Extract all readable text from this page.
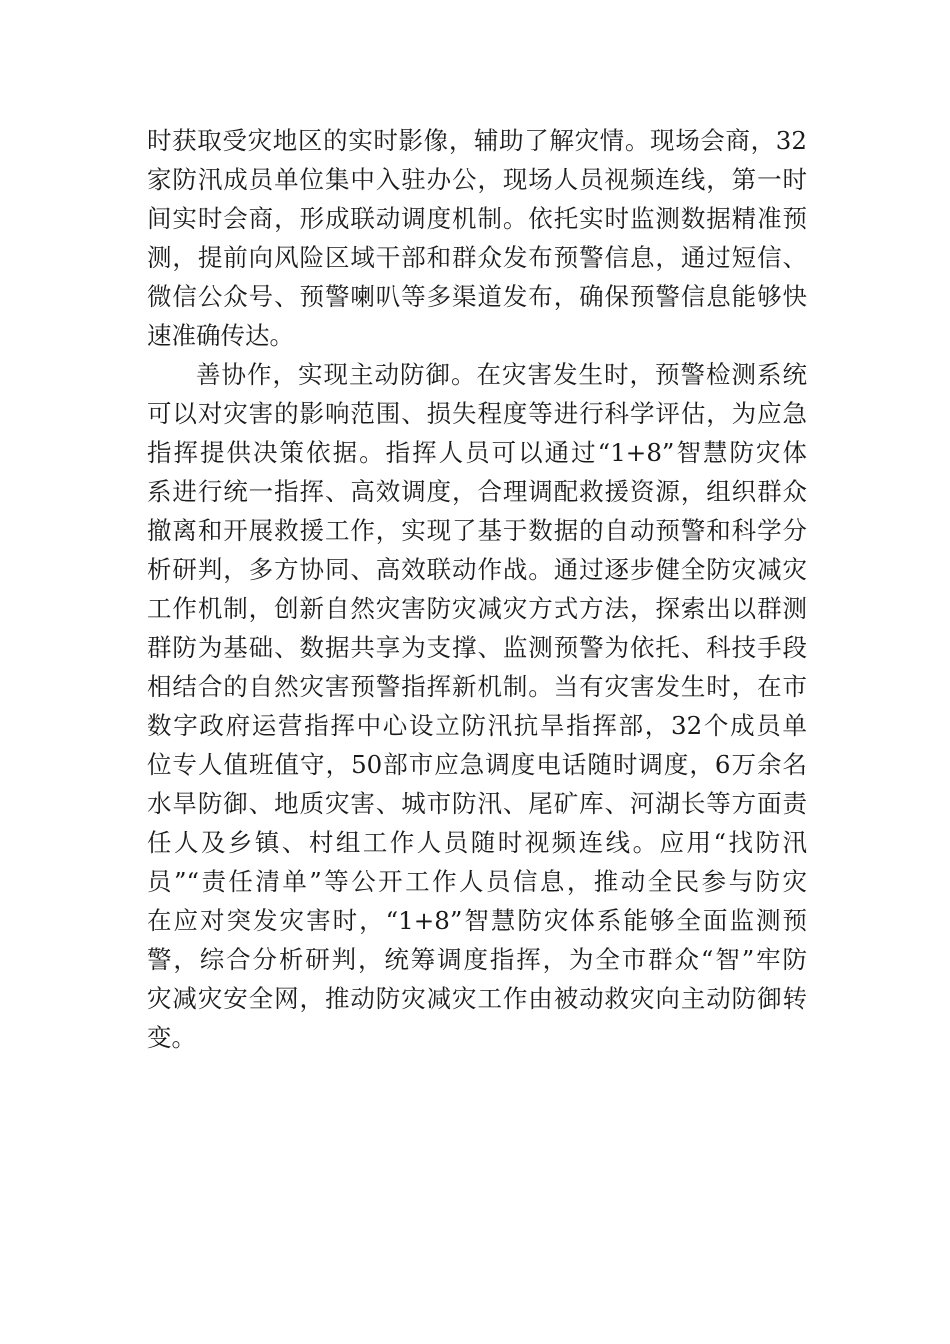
时获取受灾地区的实时影像，辅助了解灾情。现场会商，32
家防汛成员单位集中入驻办公，现场人员视频连线，第一时
间实时会商，形成联动调度机制。依托实时监测数据精准预
测，提前向风险区域干部和群众发布预警信息，通过短信、
微信公众号、预警喇叭等多渠道发布，确保预警信息能够快
速准确传达。
善协作，实现主动防御。在灾害发生时，预警检测系统
可以对灾害的影响范围、损失程度等进行科学评估，为应急
指挥提供决策依据。指挥人员可以通过“1+8”智慧防灾体
系进行统一指挥、高效调度，合理调配救援资源，组织群众
撤离和开展救援工作，实现了基于数据的自动预警和科学分
析研判，多方协同、高效联动作战。通过逐步健全防灾减灾
工作机制，创新自然灾害防灾减灾方式方法，探索出以群测
群防为基础、数据共享为支撑、监测预警为依托、科技手段
相结合的自然灾害预警指挥新机制。当有灾害发生时，在市
数字政府运营指挥中心设立防汛抗旱指挥部，32个成员单
位专人值班值守，50部市应急调度电话随时调度，6万余名
水旱防御、地质灾害、城市防汛、尾矿库、河湖长等方面责
任人及乡镇、村组工作人员随时视频连线。应用“找防汛
员”“责任清单”等公开工作人员信息，推动全民参与防灾
在应对突发灾害时，“1+8”智慧防灾体系能够全面监测预
警，综合分析研判，统筹调度指挥，为全市群众“智”牢防
灾减灾安全网，推动防灾减灾工作由被动救灾向主动防御转
变。
